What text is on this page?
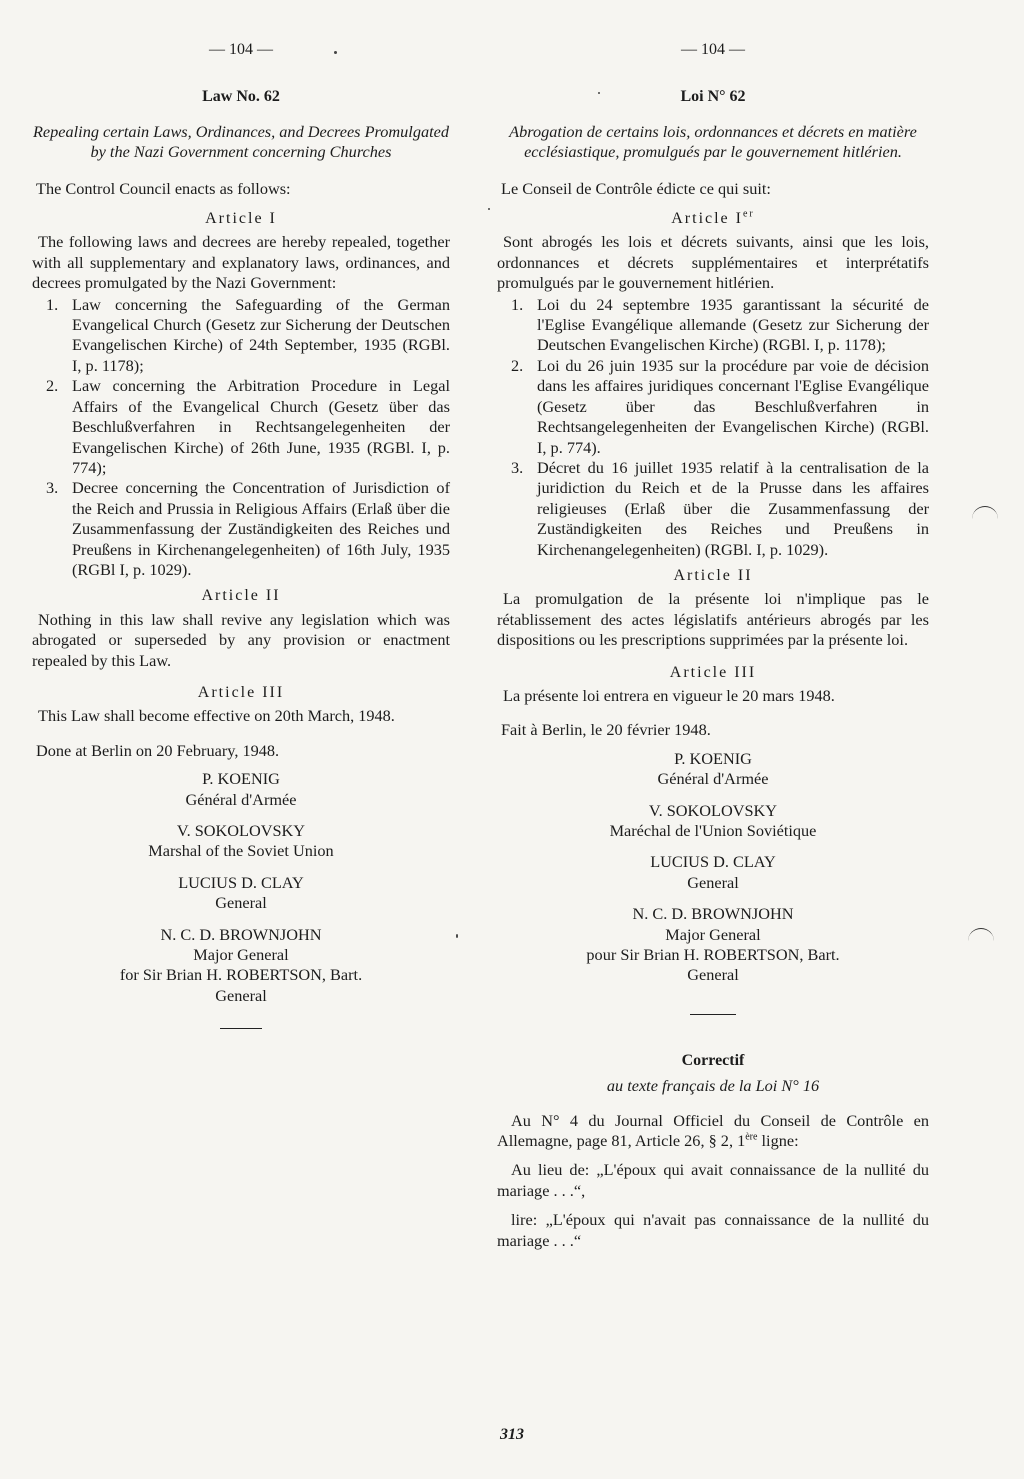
— 104 —
Law No. 62
Repealing certain Laws, Ordinances, and Decrees Promulgated by the Nazi Government concerning Churches

The Control Council enacts as follows:

Article I

The following laws and decrees are hereby repealed, together with all supplementary and explanatory laws, ordinances, and decrees promulgated by the Nazi Government:

1. Law concerning the Safeguarding of the German Evangelical Church (Gesetz zur Sicherung der Deutschen Evangelischen Kirche) of 24th September, 1935 (RGBl. I, p. 1178);
2. Law concerning the Arbitration Procedure in Legal Affairs of the Evangelical Church (Gesetz über das Beschlußverfahren in Rechtsangelegenheiten der Evangelischen Kirche) of 26th June, 1935 (RGBl. I, p. 774);
3. Decree concerning the Concentration of Jurisdiction of the Reich and Prussia in Religious Affairs (Erlaß über die Zusammenfassung der Zuständigkeiten des Reiches und Preußens in Kirchenangelegenheiten) of 16th July, 1935 (RGBl I, p. 1029).
Article II

Nothing in this law shall revive any legislation which was abrogated or superseded by any provision or enactment repealed by this Law.

Article III

This Law shall become effective on 20th March, 1948.

Done at Berlin on 20 February, 1948.

P. KOENIG
Général d'Armée
V. SOKOLOVSKY
Marshal of the Soviet Union
LUCIUS D. CLAY
General
N. C. D. BROWNJOHN
Major General
for Sir Brian H. ROBERTSON, Bart.
General
— 104 —
Loi N° 62
Abrogation de certains lois, ordonnances et décrets en matière ecclésiastique, promulgués par le gouvernement hitlérien.

Le Conseil de Contrôle édicte ce qui suit:

Article Ier

Sont abrogés les lois et décrets suivants, ainsi que les lois, ordonnances et décrets supplémentaires et interprétatifs promulgués par le gouvernement hitlérien.

1. Loi du 24 septembre 1935 garantissant la sécurité de l'Eglise Evangélique allemande (Gesetz zur Sicherung der Deutschen Evangelischen Kirche) (RGBl. I, p. 1178);
2. Loi du 26 juin 1935 sur la procédure par voie de décision dans les affaires juridiques concernant l'Eglise Evangélique (Gesetz über das Beschlußverfahren in Rechtsangelegenheiten der Evangelischen Kirche) (RGBl. I, p. 774).
3. Décret du 16 juillet 1935 relatif à la centralisation de la juridiction du Reich et de la Prusse dans les affaires religieuses (Erlaß über die Zusammenfassung der Zuständigkeiten des Reiches und Preußens in Kirchenangelegenheiten) (RGBl. I, p. 1029).
Article II

La promulgation de la présente loi n'implique pas le rétablissement des actes législatifs antérieurs abrogés par les dispositions ou les prescriptions supprimées par la présente loi.

Article III

La présente loi entrera en vigueur le 20 mars 1948.

Fait à Berlin, le 20 février 1948.

P. KOENIG
Général d'Armée
V. SOKOLOVSKY
Maréchal de l'Union Soviétique
LUCIUS D. CLAY
General
N. C. D. BROWNJOHN
Major General
pour Sir Brian H. ROBERTSON, Bart.
General
Correctif
au texte français de la Loi N° 16

Au N° 4 du Journal Officiel du Conseil de Contrôle en Allemagne, page 81, Article 26, § 2, 1ère ligne:

Au lieu de: „L'époux qui avait connaissance de la nullité du mariage . . .“,

lire: „L'époux qui n'avait pas connaissance de la nullité du mariage . . .“

313
